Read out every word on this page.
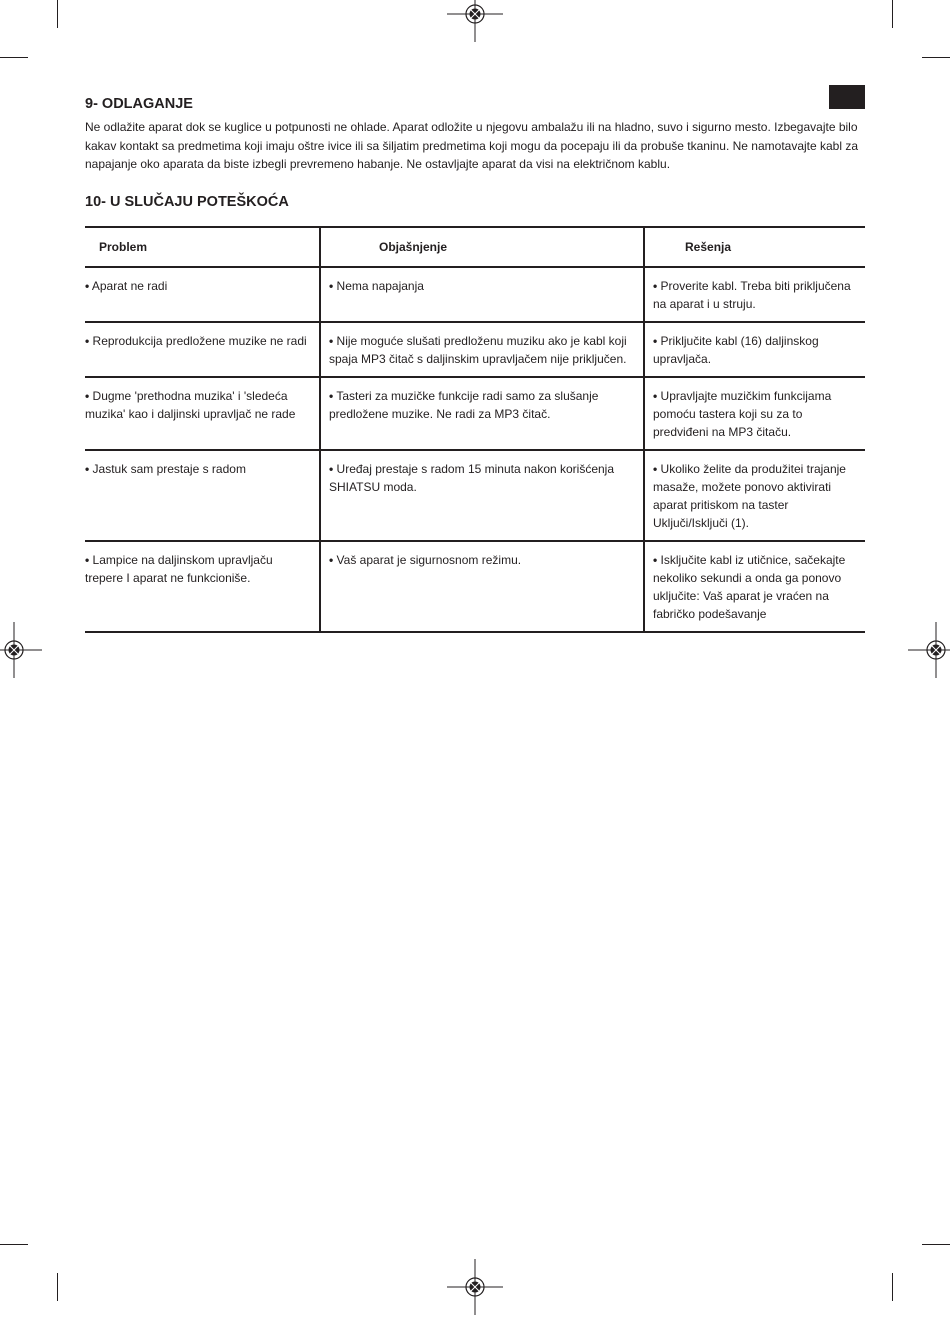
9- ODLAGANJE

Ne odlažite aparat dok se kuglice u potpunosti ne ohlade. Aparat odložite u njegovu ambalažu ili na hladno, suvo i sigurno mesto. Izbegavajte bilo kakav kontakt sa predmetima koji imaju oštre ivice ili sa šiljatim predmetima koji mogu da pocepaju ili da probuše tkaninu. Ne namotavajte kabl za napajanje oko aparata da biste izbegli prevremeno habanje. Ne ostavljajte aparat da visi na električnom kablu.

10- U SLUČAJU POTEŠKOĆA
Problem	Objašnjenje	Rešenja
• Aparat ne radi	• Nema napajanja	• Proverite kabl. Treba biti priključena na aparat i u struju.
• Reprodukcija predložene muzike ne radi	• Nije moguće slušati predloženu muziku ako je kabl koji spaja MP3 čitač s daljinskim upravljačem nije priključen.	• Priključite kabl (16) daljinskog upravljača.
• Dugme 'prethodna muzika' i 'sledeća muzika' kao i daljinski upravljač ne rade	• Tasteri za muzičke funkcije radi samo za slušanje predložene muzike. Ne radi za MP3 čitač.	• Upravljajte muzičkim funkcijama pomoću tastera koji su za to predviđeni na MP3 čitaču.
• Jastuk sam prestaje s radom	• Uređaj prestaje s radom 15 minuta nakon korišćenja SHIATSU moda.	• Ukoliko želite da produžitei trajanje masaže, možete ponovo aktivirati aparat pritiskom na taster Uključi/Isključi (1).
• Lampice na daljinskom upravljaču trepere I aparat ne funkcioniše.	• Vaš aparat je sigurnosnom režimu.	• Isključite kabl iz utičnice, sačekajte nekoliko sekundi a onda ga ponovo uključite: Vaš aparat je vraćen na fabričko podešavanje
